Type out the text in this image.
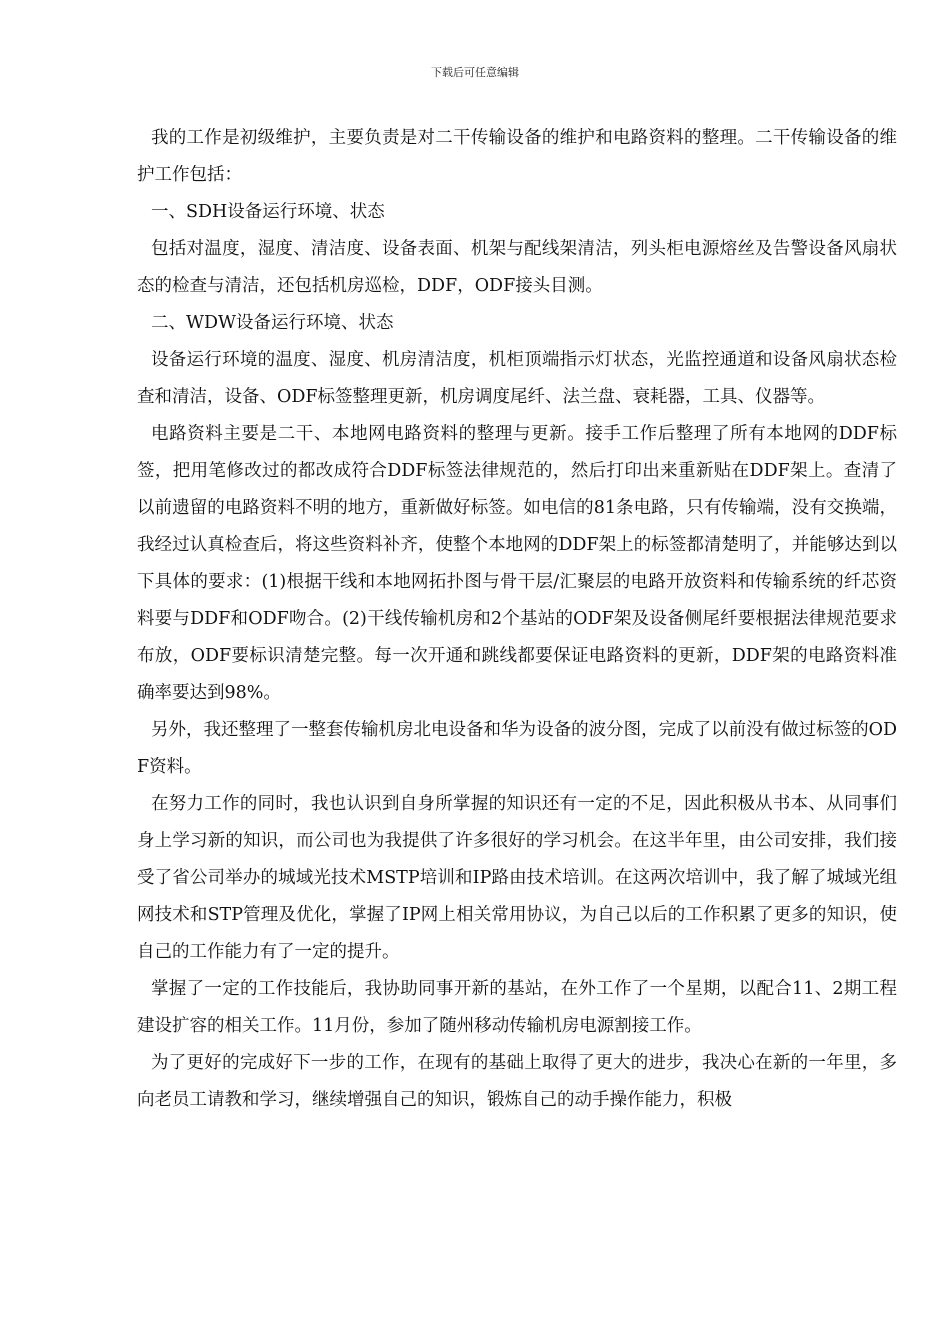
下载后可任意编辑

我的工作是初级维护，主要负责是对二干传输设备的维护和电路资料的整理。二干传输设备的维护工作包括：

一、SDH设备运行环境、状态

包括对温度，湿度、清洁度、设备表面、机架与配线架清洁，列头柜电源熔丝及告警设备风扇状态的检查与清洁，还包括机房巡检，DDF，ODF接头目测。

二、WDW设备运行环境、状态

设备运行环境的温度、湿度、机房清洁度，机柜顶端指示灯状态，光监控通道和设备风扇状态检查和清洁，设备、ODF标签整理更新，机房调度尾纤、法兰盘、衰耗器，工具、仪器等。

电路资料主要是二干、本地网电路资料的整理与更新。接手工作后整理了所有本地网的DDF标签，把用笔修改过的都改成符合DDF标签法律规范的，然后打印出来重新贴在DDF架上。查清了以前遗留的电路资料不明的地方，重新做好标签。如电信的81条电路，只有传输端，没有交换端，我经过认真检查后，将这些资料补齐，使整个本地网的DDF架上的标签都清楚明了，并能够达到以下具体的要求：(1)根据干线和本地网拓扑图与骨干层/汇聚层的电路开放资料和传输系统的纤芯资料要与DDF和ODF吻合。(2)干线传输机房和2个基站的ODF架及设备侧尾纤要根据法律规范要求布放，ODF要标识清楚完整。每一次开通和跳线都要保证电路资料的更新，DDF架的电路资料准确率要达到98%。

另外，我还整理了一整套传输机房北电设备和华为设备的波分图，完成了以前没有做过标签的ODF资料。

在努力工作的同时，我也认识到自身所掌握的知识还有一定的不足，因此积极从书本、从同事们身上学习新的知识，而公司也为我提供了许多很好的学习机会。在这半年里，由公司安排，我们接受了省公司举办的城域光技术MSTP培训和IP路由技术培训。在这两次培训中，我了解了城域光组网技术和STP管理及优化，掌握了IP网上相关常用协议，为自己以后的工作积累了更多的知识，使自己的工作能力有了一定的提升。

掌握了一定的工作技能后，我协助同事开新的基站，在外工作了一个星期，以配合11、2期工程建设扩容的相关工作。11月份，参加了随州移动传输机房电源割接工作。

为了更好的完成好下一步的工作，在现有的基础上取得了更大的进步，我决心在新的一年里，多向老员工请教和学习，继续增强自己的知识，锻炼自己的动手操作能力，积极
